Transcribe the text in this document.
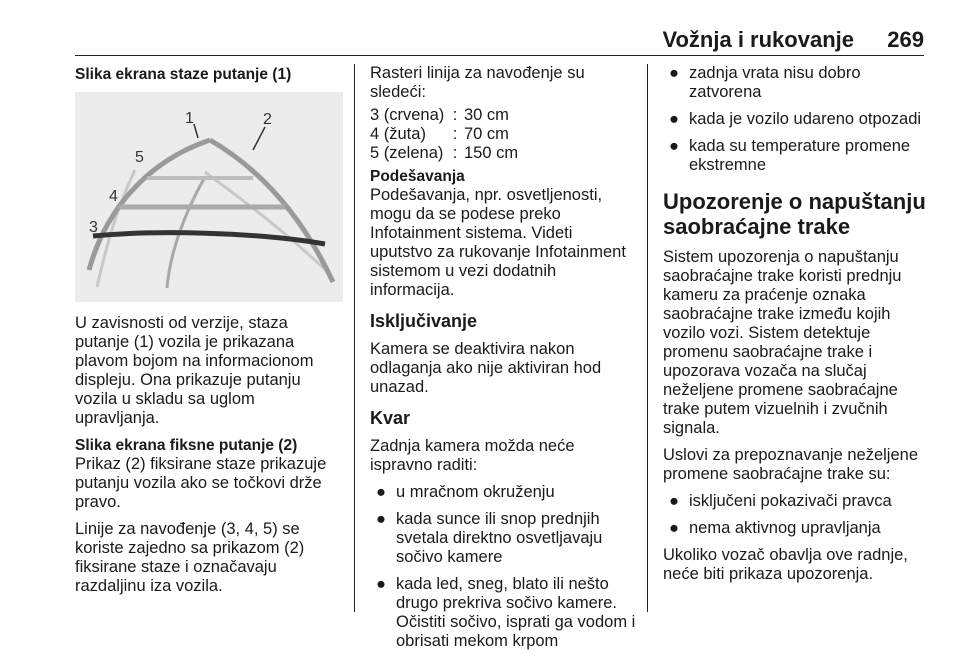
Vožnja i rukovanje 269

Slika ekrana staze putanje (1)

1	2
5
4
3

U zavisnosti od verzije, staza putanje (1) vozila je prikazana plavom bojom na informacionom displeju. Ona prikazuje putanju vozila u skladu sa uglom upravljanja.

Slika ekrana fiksne putanje (2)

Prikaz (2) fiksirane staze prikazuje putanju vozila ako se točkovi drže pravo.

Linije za navođenje (3, 4, 5) se koriste zajedno sa prikazom (2) fiksirane staze i označavaju razdaljinu iza vozila.

Rasteri linija za navođenje su sledeći:

3 (crvena)	:	30 cm
4 (žuta)	:	70 cm
5 (zelena)	:	150 cm

Podešavanja

Podešavanja, npr. osvetljenosti, mogu da se podese preko Infotainment sistema. Videti uputstvo za rukovanje Infotainment sistemom u vezi dodatnih informacija.

Isključivanje

Kamera se deaktivira nakon odlaganja ako nije aktiviran hod unazad.

Kvar

Zadnja kamera možda neće ispravno raditi:

● u mračnom okruženju
● kada sunce ili snop prednjih svetala direktno osvetljavaju sočivo kamere
● kada led, sneg, blato ili nešto drugo prekriva sočivo kamere. Očistiti sočivo, isprati ga vodom i obrisati mekom krpom
● zadnja vrata nisu dobro zatvorena
● kada je vozilo udareno otpozadi
● kada su temperature promene ekstremne

Upozorenje o napuštanju saobraćajne trake

Sistem upozorenja o napuštanju saobraćajne trake koristi prednju kameru za praćenje oznaka saobraćajne trake između kojih vozilo vozi. Sistem detektuje promenu saobraćajne trake i upozorava vozača na slučaj neželjene promene saobraćajne trake putem vizuelnih i zvučnih signala.

Uslovi za prepoznavanje neželjene promene saobraćajne trake su:

● isključeni pokazivači pravca
● nema aktivnog upravljanja

Ukoliko vozač obavlja ove radnje, neće biti prikaza upozorenja.
